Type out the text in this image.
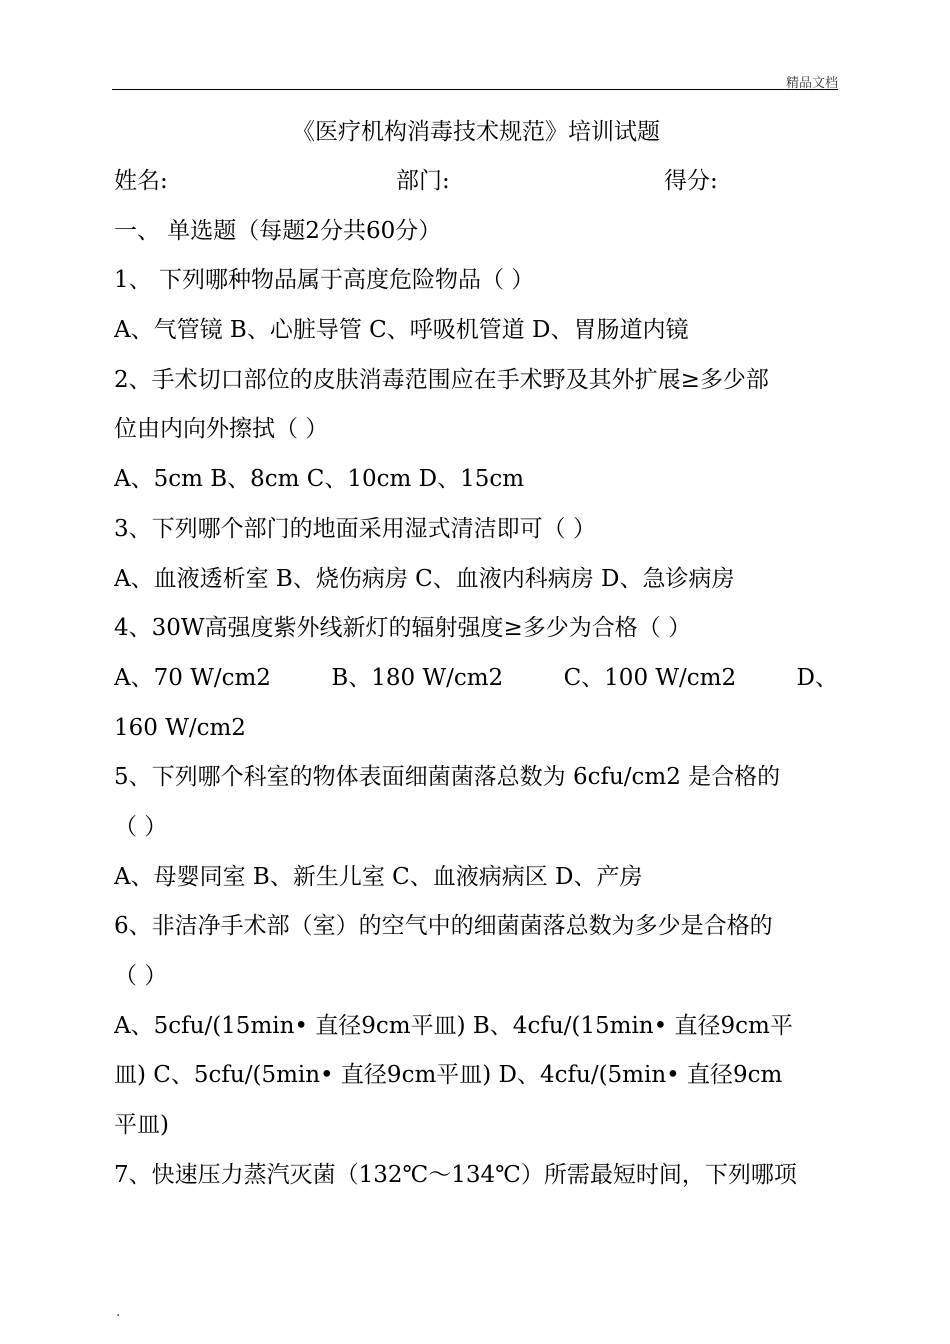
精品文档
《医疗机构消毒技术规范》培训试题
姓名:	部门:	得分:
一、 单选题（每题2分共60分）
1、 下列哪种物品属于高度危险物品（ ）
A、气管镜 B、心脏导管 C、呼吸机管道 D、胃肠道内镜
2、手术切口部位的皮肤消毒范围应在手术野及其外扩展≥多少部
位由内向外擦拭（ ）
A、5cm B、8cm C、10cm D、15cm
3、下列哪个部门的地面采用湿式清洁即可（ ）
A、血液透析室 B、烧伤病房 C、血液内科病房 D、急诊病房
4、30W高强度紫外线新灯的辐射强度≥多少为合格（ ）
A、70 W/cm2	B、180 W/cm2	C、100 W/cm2	D、
160 W/cm2
5、下列哪个科室的物体表面细菌菌落总数为 6cfu/cm2 是合格的
（ ）
A、母婴同室 B、新生儿室 C、血液病病区 D、产房
6、非洁净手术部（室）的空气中的细菌菌落总数为多少是合格的
（ ）
A、5cfu/(15min• 直径9cm平皿) B、4cfu/(15min• 直径9cm平
皿) C、5cfu/(5min• 直径9cm平皿) D、4cfu/(5min• 直径9cm
平皿)
7、快速压力蒸汽灭菌（132℃～134℃）所需最短时间，下列哪项
.
